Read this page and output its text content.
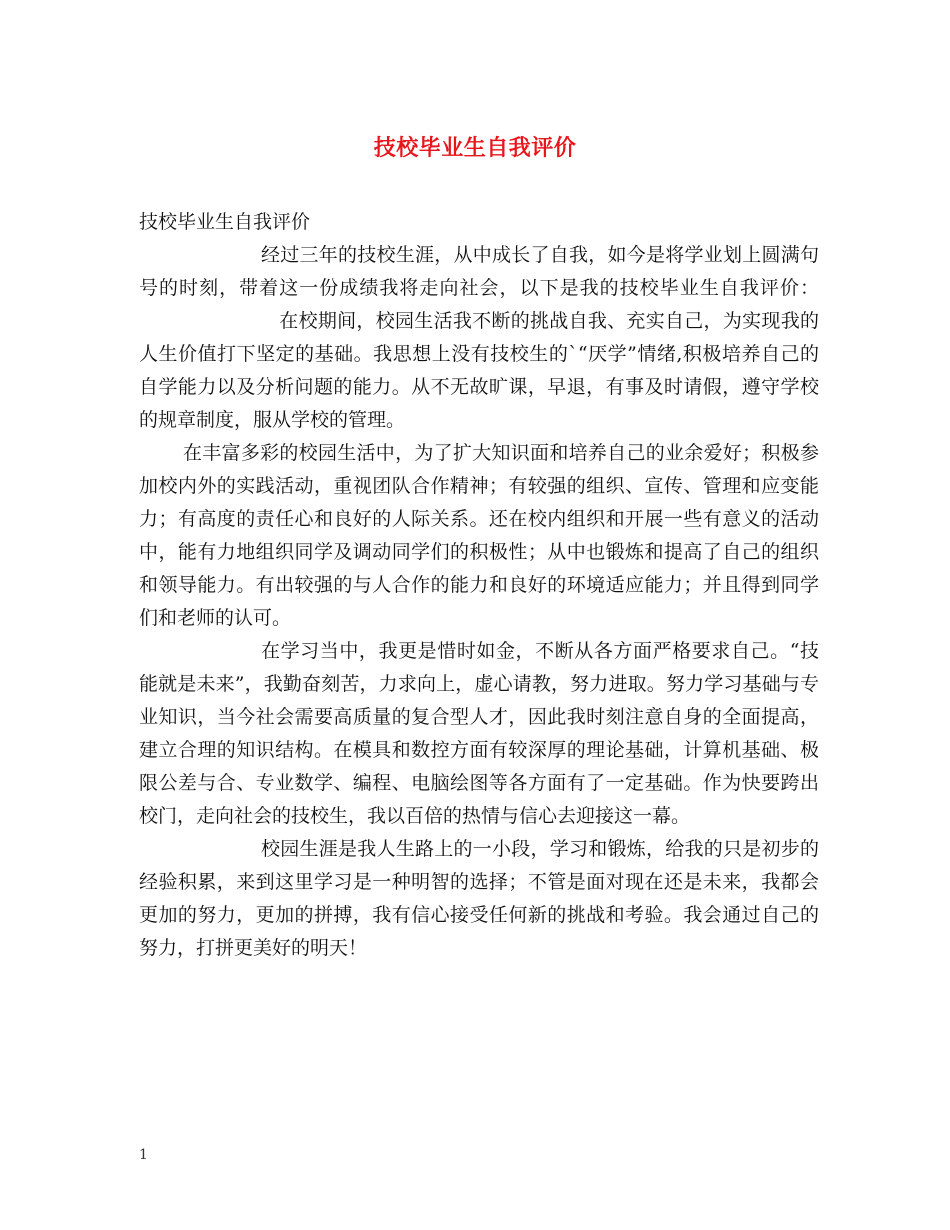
技校毕业生自我评价

技校毕业生自我评价

经过三年的技校生涯，从中成长了自我，如今是将学业划上圆满句号的时刻，带着这一份成绩我将走向社会，以下是我的技校毕业生自我评价：在校期间，校园生活我不断的挑战自我、充实自己，为实现我的人生价值打下坚定的基础。我思想上没有技校生的`“厌学”情绪,积极培养自己的自学能力以及分析问题的能力。从不无故旷课，早退，有事及时请假，遵守学校的规章制度，服从学校的管理。

在丰富多彩的校园生活中，为了扩大知识面和培养自己的业余爱好；积极参加校内外的实践活动，重视团队合作精神；有较强的组织、宣传、管理和应变能力；有高度的责任心和良好的人际关系。还在校内组织和开展一些有意义的活动中，能有力地组织同学及调动同学们的积极性；从中也锻炼和提高了自己的组织和领导能力。有出较强的与人合作的能力和良好的环境适应能力；并且得到同学们和老师的认可。

在学习当中，我更是惜时如金，不断从各方面严格要求自己。“技能就是未来”，我勤奋刻苦，力求向上，虚心请教，努力进取。努力学习基础与专业知识，当今社会需要高质量的复合型人才，因此我时刻注意自身的全面提高，建立合理的知识结构。在模具和数控方面有较深厚的理论基础，计算机基础、极限公差与合、专业数学、编程、电脑绘图等各方面有了一定基础。作为快要跨出校门，走向社会的技校生，我以百倍的热情与信心去迎接这一幕。

校园生涯是我人生路上的一小段，学习和锻炼，给我的只是初步的经验积累，来到这里学习是一种明智的选择；不管是面对现在还是未来，我都会更加的努力，更加的拼搏，我有信心接受任何新的挑战和考验。我会通过自己的努力，打拼更美好的明天！

1
